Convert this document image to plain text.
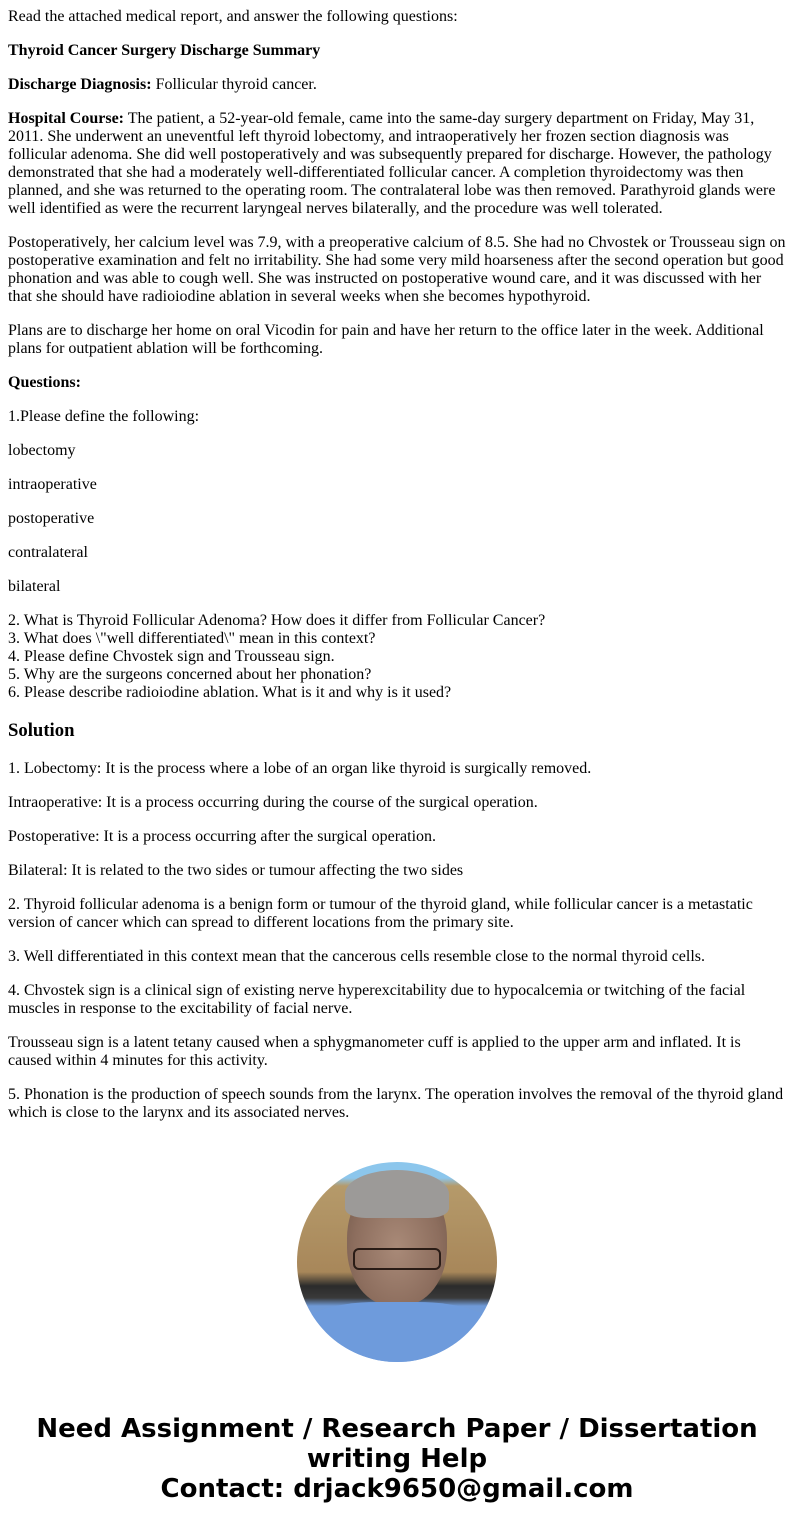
Read the attached medical report, and answer the following questions:

Thyroid Cancer Surgery Discharge Summary

Discharge Diagnosis: Follicular thyroid cancer.

Hospital Course: The patient, a 52-year-old female, came into the same-day surgery department on Friday, May 31, 2011. She underwent an uneventful left thyroid lobectomy, and intraoperatively her frozen section diagnosis was follicular adenoma. She did well postoperatively and was subsequently prepared for discharge. However, the pathology demonstrated that she had a moderately well-differentiated follicular cancer. A completion thyroidectomy was then planned, and she was returned to the operating room. The contralateral lobe was then removed. Parathyroid glands were well identified as were the recurrent laryngeal nerves bilaterally, and the procedure was well tolerated.

Postoperatively, her calcium level was 7.9, with a preoperative calcium of 8.5. She had no Chvostek or Trousseau sign on postoperative examination and felt no irritability. She had some very mild hoarseness after the second operation but good phonation and was able to cough well. She was instructed on postoperative wound care, and it was discussed with her that she should have radioiodine ablation in several weeks when she becomes hypothyroid.

Plans are to discharge her home on oral Vicodin for pain and have her return to the office later in the week. Additional plans for outpatient ablation will be forthcoming.

Questions:

1.Please define the following:

lobectomy

intraoperative

postoperative

contralateral

bilateral

2. What is Thyroid Follicular Adenoma? How does it differ from Follicular Cancer?

3. What does \"well differentiated\" mean in this context?

4. Please define Chvostek sign and Trousseau sign.

5. Why are the surgeons concerned about her phonation?

6. Please describe radioiodine ablation. What is it and why is it used?

Solution

1. Lobectomy: It is the process where a lobe of an organ like thyroid is surgically removed.

Intraoperative: It is a process occurring during the course of the surgical operation.

Postoperative: It is a process occurring after the surgical operation.

Bilateral: It is related to the two sides or tumour affecting the two sides

2. Thyroid follicular adenoma is a benign form or tumour of the thyroid gland, while follicular cancer is a metastatic version of cancer which can spread to different locations from the primary site.

3. Well differentiated in this context mean that the cancerous cells resemble close to the normal thyroid cells.

4. Chvostek sign is a clinical sign of existing nerve hyperexcitability due to hypocalcemia or twitching of the facial muscles in response to the excitability of facial nerve.

Trousseau sign is a latent tetany caused when a sphygmanometer cuff is applied to the upper arm and inflated. It is caused within 4 minutes for this activity.

5. Phonation is the production of speech sounds from the larynx. The operation involves the removal of the thyroid gland which is close to the larynx and its associated nerves.

Need Assignment / Research Paper / Dissertation writing Help
Contact: drjack9650@gmail.com
